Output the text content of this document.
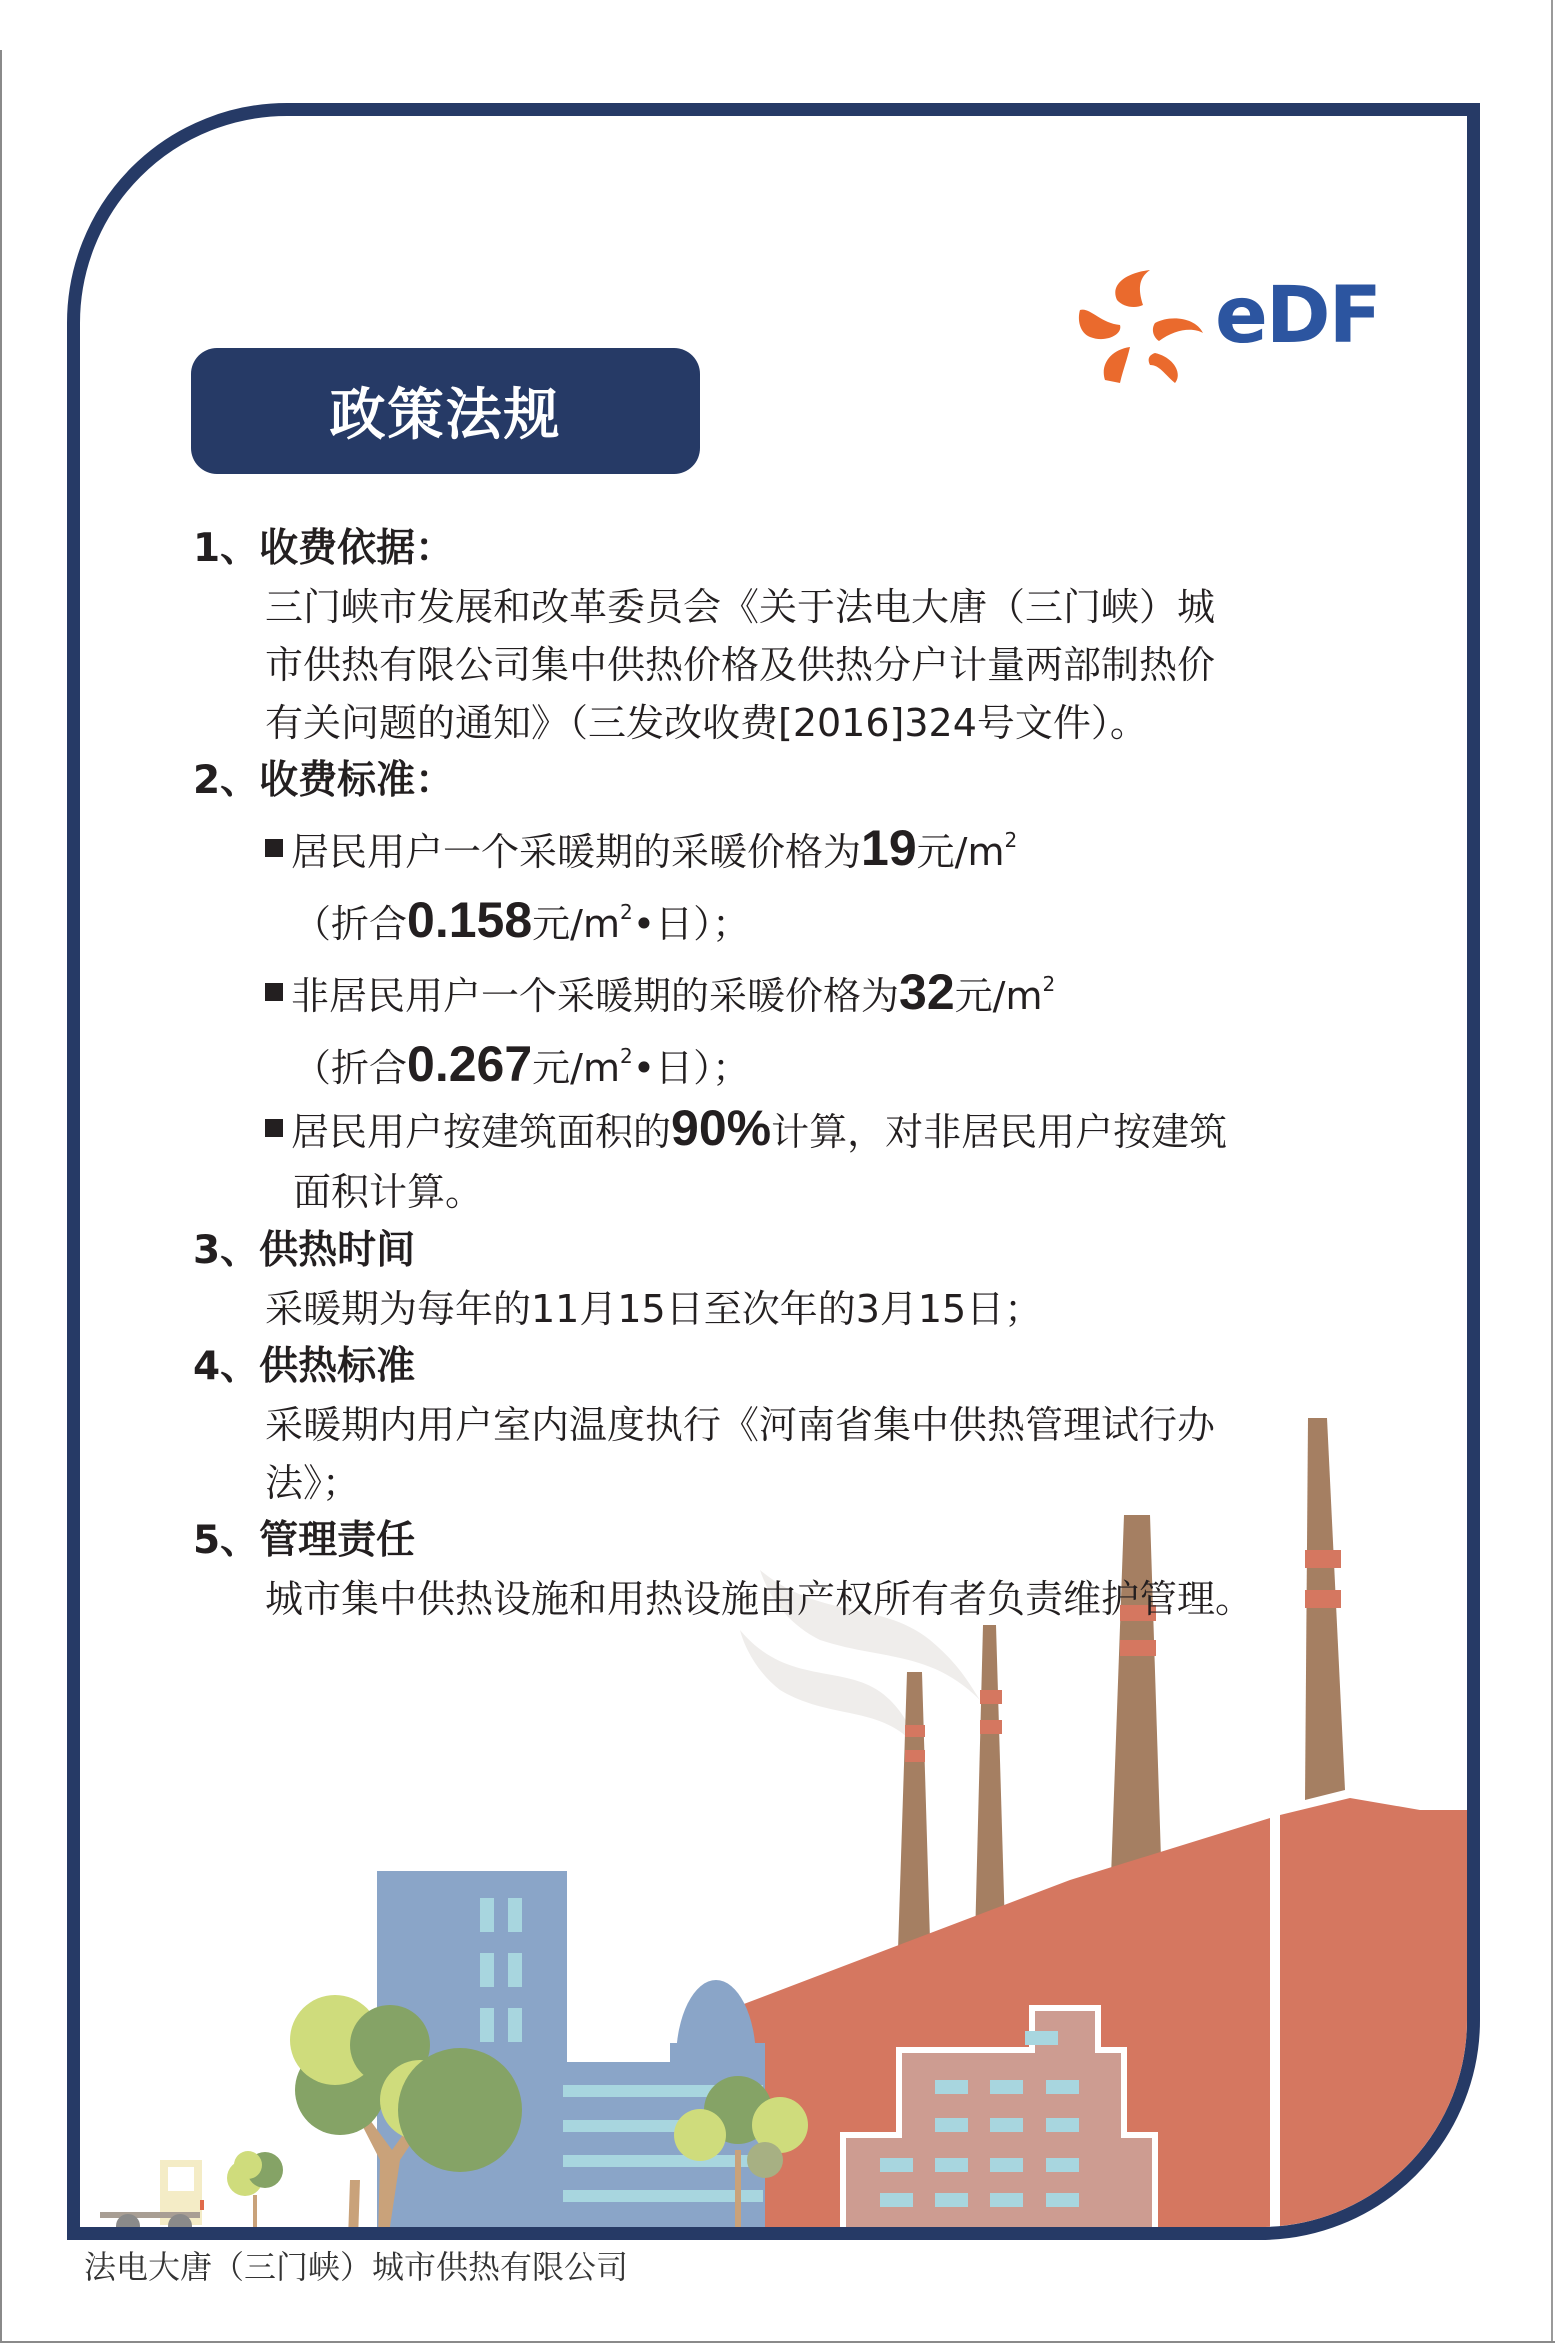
政策法规
eDF
1、收费依据：
三门峡市发展和改革委员会《关于法电大唐（三门峡）城
市供热有限公司集中供热价格及供热分户计量两部制热价
有关问题的通知》（三发改收费[2016]324号文件）。
2、收费标准：
居民用户一个采暖期的采暖价格为19元$/m^2$
（折合0.158元$/m^2•$日）；
非居民用户一个采暖期的采暖价格为32元$/m^2$
（折合0.267元$/m^2•$日）；
居民用户按建筑面积的90%计算，对非居民用户按建筑
面积计算。
3、供热时间
采暖期为每年的11月15日至次年的3月15日；
4、供热标准
采暖期内用户室内温度执行《河南省集中供热管理试行办
法》；
5、管理责任
城市集中供热设施和用热设施由产权所有者负责维护管理。
法电大唐（三门峡）城市供热有限公司
